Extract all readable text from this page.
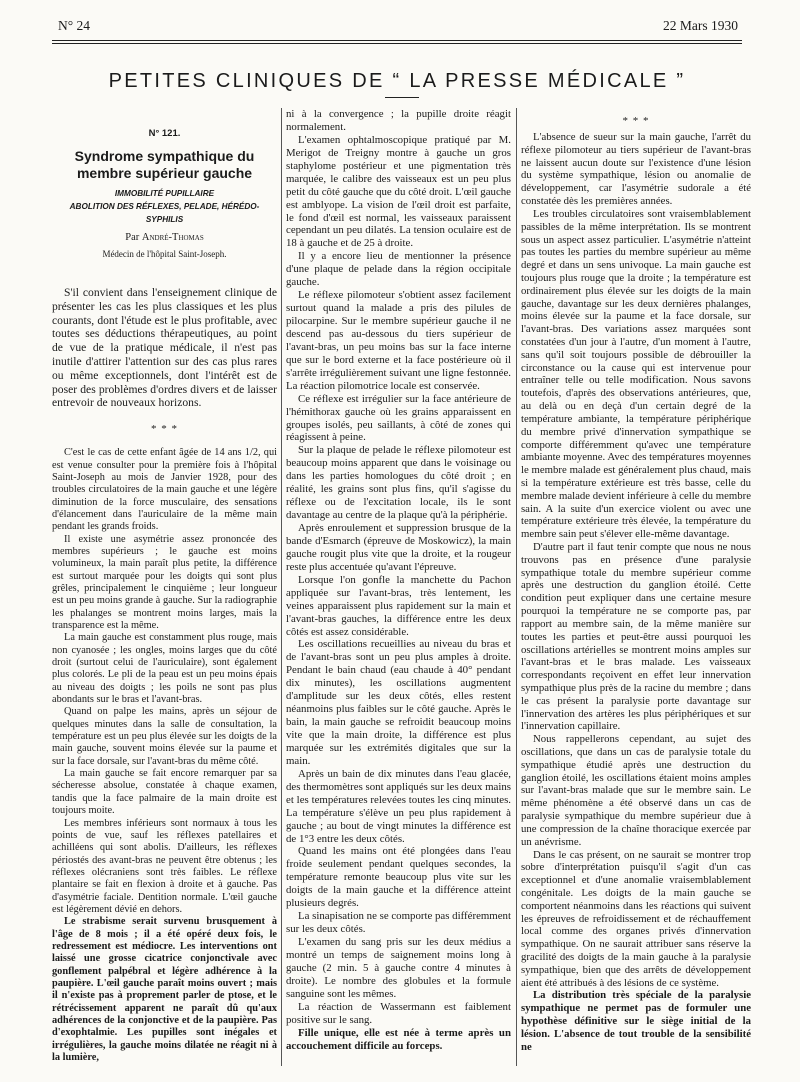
N° 24	22 Mars 1930
PETITES CLINIQUES DE “ LA PRESSE MÉDICALE ”
N° 121.
Syndrome sympathique du membre supérieur gauche
IMMOBILITÉ PUPILLAIRE
ABOLITION DES RÉFLEXES, PELADE, HÉRÉDO-SYPHILIS
Par André-Thomas
Médecin de l'hôpital Saint-Joseph.

S'il convient dans l'enseignement clinique de présenter les cas les plus classiques et les plus courants, dont l'étude est le plus profitable, avec toutes ses déductions thérapeutiques, au point de vue de la pratique médicale, il n'est pas inutile d'attirer l'attention sur des cas plus rares ou même exceptionnels, dont l'intérêt est de poser des problèmes d'ordres divers et de laisser entrevoir de nouveaux horizons.

* * *

C'est le cas de cette enfant âgée de 14 ans 1/2, qui est venue consulter pour la première fois à l'hôpital Saint-Joseph au mois de Janvier 1928, pour des troubles circulatoires de la main gauche et une légère diminution de la force musculaire, des sensations d'élancement dans l'auriculaire de la même main pendant les grands froids.

Il existe une asymétrie assez prononcée des membres supérieurs ; le gauche est moins volumineux, la main paraît plus petite, la différence est surtout marquée pour les doigts qui sont plus grêles, principalement le cinquième ; leur longueur est un peu moins grande à gauche. Sur la radiographie les phalanges se montrent moins larges, mais la transparence est la même.

La main gauche est constamment plus rouge, mais non cyanosée ; les ongles, moins larges que du côté droit (surtout celui de l'auriculaire), sont également plus colorés. Le pli de la peau est un peu moins épais au niveau des doigts ; les poils ne sont pas plus abondants sur le bras et l'avant-bras.

Quand on palpe les mains, après un séjour de quelques minutes dans la salle de consultation, la température est un peu plus élevée sur les doigts de la main gauche, souvent moins élevée sur la paume et sur la face dorsale, sur l'avant-bras du même côté.

La main gauche se fait encore remarquer par sa sécheresse absolue, constatée à chaque examen, tandis que la face palmaire de la main droite est toujours moite.

Les membres inférieurs sont normaux à tous les points de vue, sauf les réflexes patellaires et achilléens qui sont abolis. D'ailleurs, les réflexes périostés des avant-bras ne peuvent être obtenus ; les réflexes olécraniens sont très faibles. Le réflexe plantaire se fait en flexion à droite et à gauche. Pas d'asymétrie faciale. Dentition normale. L'œil gauche est légèrement dévié en dehors.

Le strabisme serait survenu brusquement à l'âge de 8 mois ; il a été opéré deux fois, le redressement est médiocre. Les interventions ont laissé une grosse cicatrice conjonctivale avec gonflement palpébral et légère adhérence à la paupière. L'œil gauche paraît moins ouvert ; mais il n'existe pas à proprement parler de ptose, et le rétrécissement apparent ne paraît dû qu'aux adhérences de la conjonctive et de la paupière. Pas d'exophtalmie. Les pupilles sont inégales et irrégulières, la gauche moins dilatée ne réagit ni à la lumière,

ni à la convergence ; la pupille droite réagit normalement.

L'examen ophtalmoscopique pratiqué par M. Merigot de Treigny montre à gauche un gros staphylome postérieur et une pigmentation très marquée, le calibre des vaisseaux est un peu plus petit du côté gauche que du côté droit. L'œil gauche est amblyope. La vision de l'œil droit est parfaite, le fond d'œil est normal, les vaisseaux paraissent cependant un peu dilatés. La tension oculaire est de 18 à gauche et de 25 à droite.

Il y a encore lieu de mentionner la présence d'une plaque de pelade dans la région occipitale gauche.

Le réflexe pilomoteur s'obtient assez facilement surtout quand la malade a pris des pilules de pilocarpine. Sur le membre supérieur gauche il ne descend pas au-dessous du tiers supérieur de l'avant-bras, un peu moins bas sur la face interne que sur le bord externe et la face postérieure où il s'arrête irrégulièrement suivant une ligne festonnée. La réaction pilomotrice locale est conservée.

Ce réflexe est irrégulier sur la face antérieure de l'hémithorax gauche où les grains apparaissent en groupes isolés, peu saillants, à côté de zones qui réagissent à peine.

Sur la plaque de pelade le réflexe pilomoteur est beaucoup moins apparent que dans le voisinage ou dans les parties homologues du côté droit ; en réalité, les grains sont plus fins, qu'il s'agisse du réflexe ou de l'excitation locale, ils le sont davantage au centre de la plaque qu'à la périphérie.

Après enroulement et suppression brusque de la bande d'Esmarch (épreuve de Moskowicz), la main gauche rougit plus vite que la droite, et la rougeur reste plus accentuée qu'avant l'épreuve.

Lorsque l'on gonfle la manchette du Pachon appliquée sur l'avant-bras, très lentement, les veines apparaissent plus rapidement sur la main et l'avant-bras gauches, la différence entre les deux côtés est assez considérable.

Les oscillations recueillies au niveau du bras et de l'avant-bras sont un peu plus amples à droite. Pendant le bain chaud (eau chaude à 40° pendant dix minutes), les oscillations augmentent d'amplitude sur les deux côtés, elles restent néanmoins plus faibles sur le côté gauche. Après le bain, la main gauche se refroidit beaucoup moins vite que la main droite, la différence est plus marquée sur les extrémités digitales que sur la main.

Après un bain de dix minutes dans l'eau glacée, des thermomètres sont appliqués sur les deux mains et les températures relevées toutes les cinq minutes. La température s'élève un peu plus rapidement à gauche ; au bout de vingt minutes la différence est de 1°3 entre les deux côtés.

Quand les mains ont été plongées dans l'eau froide seulement pendant quelques secondes, la température remonte beaucoup plus vite sur les doigts de la main gauche et la différence atteint plusieurs degrés.

La sinapisation ne se comporte pas différemment sur les deux côtés.

L'examen du sang pris sur les deux médius a montré un temps de saignement moins long à gauche (2 min. 5 à gauche contre 4 minutes à droite). Le nombre des globules et la formule sanguine sont les mêmes.

La réaction de Wassermann est faiblement positive sur le sang.

Fille unique, elle est née à terme après un accouchement difficile au forceps.

* * *

L'absence de sueur sur la main gauche, l'arrêt du réflexe pilomoteur au tiers supérieur de l'avant-bras ne laissent aucun doute sur l'existence d'une lésion du système sympathique, lésion ou anomalie de développement, car l'asymétrie sudorale a été constatée dès les premières années.

Les troubles circulatoires sont vraisemblablement passibles de la même interprétation. Ils se montrent sous un aspect assez particulier. L'asymétrie n'atteint pas toutes les parties du membre supérieur au même degré et dans un sens univoque. La main gauche est toujours plus rouge que la droite ; la température est ordinairement plus élevée sur les doigts de la main gauche, davantage sur les deux dernières phalanges, moins élevée sur la paume et la face dorsale, sur l'avant-bras. Des variations assez marquées sont constatées d'un jour à l'autre, d'un moment à l'autre, sans qu'il soit toujours possible de débrouiller la circonstance ou la cause qui est intervenue pour entraîner telle ou telle modification. Nous savons toutefois, d'après des observations antérieures, que, au delà ou en deçà d'un certain degré de la température ambiante, la température périphérique du membre privé d'innervation sympathique se comporte différemment qu'avec une température ambiante moyenne. Avec des températures moyennes le membre malade est généralement plus chaud, mais si la température extérieure est très basse, celle du membre malade devient inférieure à celle du membre sain. A la suite d'un exercice violent ou avec une température extérieure très élevée, la température du membre sain peut s'élever elle-même davantage.

D'autre part il faut tenir compte que nous ne nous trouvons pas en présence d'une paralysie sympathique totale du membre supérieur comme après une destruction du ganglion étoilé. Cette condition peut expliquer dans une certaine mesure pourquoi la température ne se comporte pas, par rapport au membre sain, de la même manière sur toutes les parties et peut-être aussi pourquoi les oscillations artérielles se montrent moins amples sur l'avant-bras et le bras malade. Les vaisseaux correspondants reçoivent en effet leur innervation sympathique plus près de la racine du membre ; dans le cas présent la paralysie porte davantage sur l'innervation des artères les plus périphériques et sur l'innervation capillaire.

Nous rappellerons cependant, au sujet des oscillations, que dans un cas de paralysie totale du sympathique étudié après une destruction du ganglion étoilé, les oscillations étaient moins amples sur l'avant-bras malade que sur le membre sain. Le même phénomène a été observé dans un cas de paralysie sympathique du membre supérieur due à une compression de la chaîne thoracique exercée par un anévrisme.

Dans le cas présent, on ne saurait se montrer trop sobre d'interprétation puisqu'il s'agit d'un cas exceptionnel et d'une anomalie vraisemblablement congénitale. Les doigts de la main gauche se comportent néanmoins dans les réactions qui suivent les épreuves de refroidissement et de réchauffement local comme des organes privés d'innervation sympathique. On ne saurait attribuer sans réserve la gracilité des doigts de la main gauche à la paralysie sympathique, bien que des arrêts de développement aient été attribués à des lésions de ce système.

La distribution très spéciale de la paralysie sympathique ne permet pas de formuler une hypothèse définitive sur le siège initial de la lésion. L'absence de tout trouble de la sensibilité ne
